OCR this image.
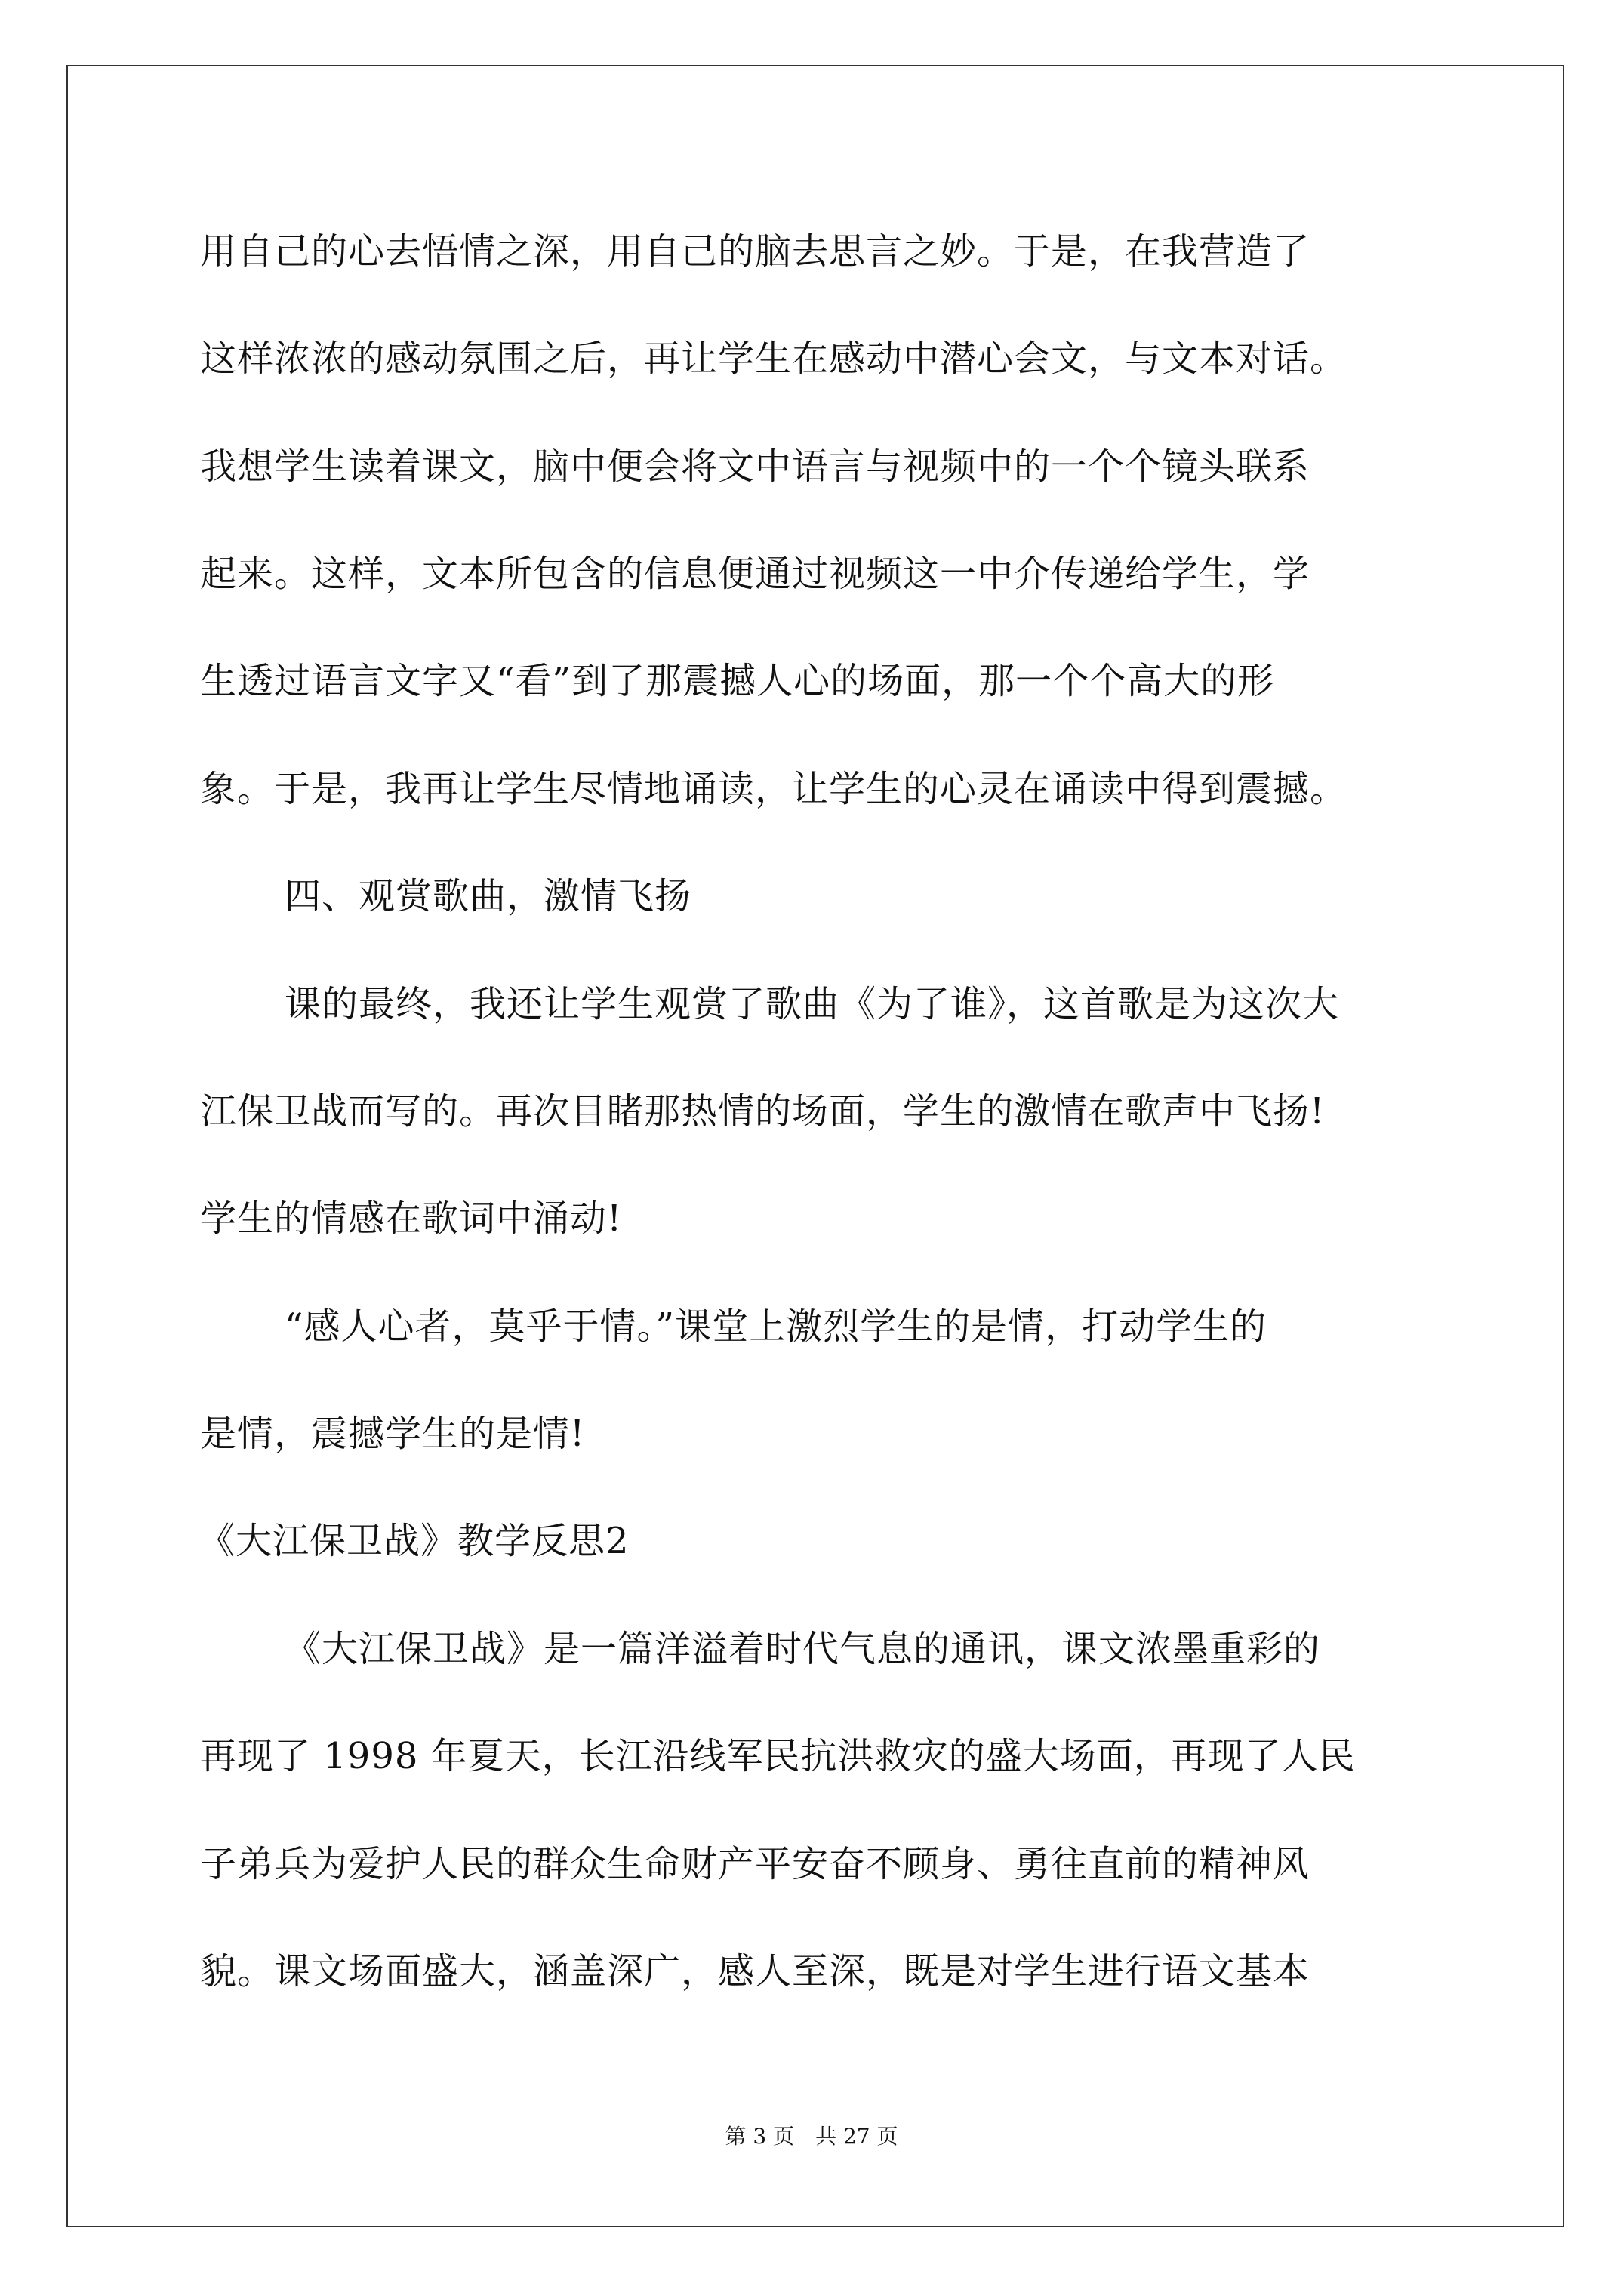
用自己的心去悟情之深，用自己的脑去思言之妙。于是，在我营造了
这样浓浓的感动氛围之后，再让学生在感动中潜心会文，与文本对话。
我想学生读着课文，脑中便会将文中语言与视频中的一个个镜头联系
起来。这样，文本所包含的信息便通过视频这一中介传递给学生，学
生透过语言文字又“看”到了那震撼人心的场面，那一个个高大的形
象。于是，我再让学生尽情地诵读，让学生的心灵在诵读中得到震撼。
四、观赏歌曲，激情飞扬
课的最终，我还让学生观赏了歌曲《为了谁》，这首歌是为这次大
江保卫战而写的。再次目睹那热情的场面，学生的激情在歌声中飞扬!
学生的情感在歌词中涌动!
“感人心者，莫乎于情。”课堂上激烈学生的是情，打动学生的
是情，震撼学生的是情!
《大江保卫战》教学反思2
《大江保卫战》是一篇洋溢着时代气息的通讯，课文浓墨重彩的
再现了 1998 年夏天，长江沿线军民抗洪救灾的盛大场面，再现了人民
子弟兵为爱护人民的群众生命财产平安奋不顾身、勇往直前的精神风
貌。课文场面盛大，涵盖深广，感人至深，既是对学生进行语文基本
第 3 页　共 27 页
